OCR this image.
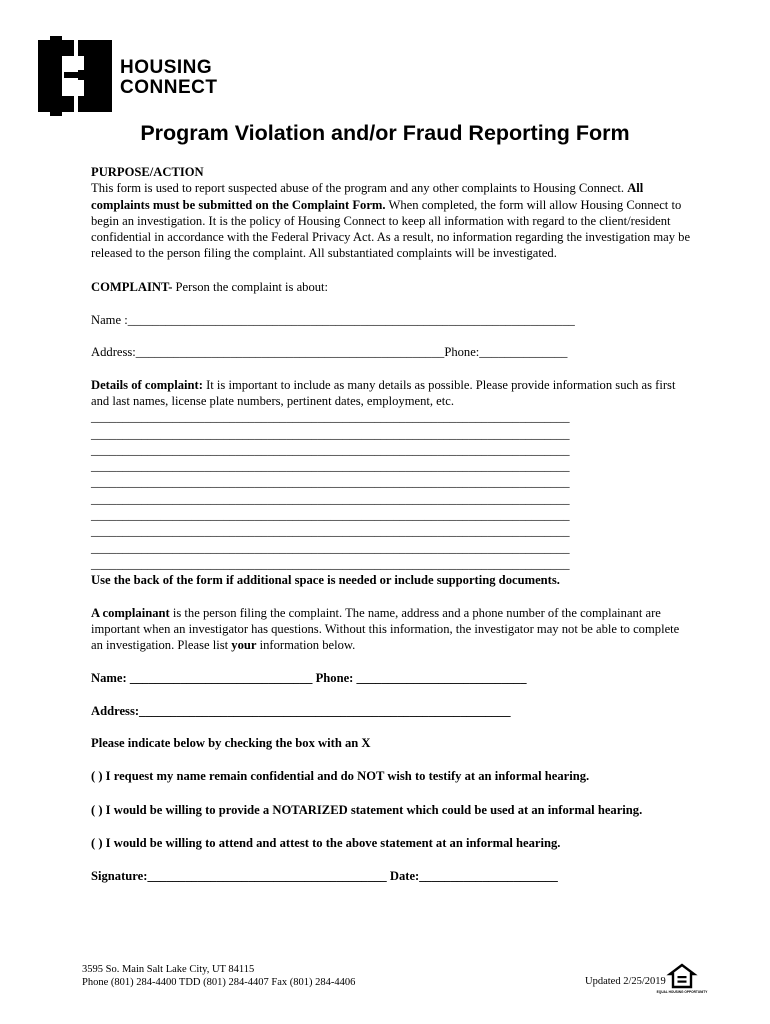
HOUSING
CONNECT
Program Violation and/or Fraud Reporting Form

PURPOSE/ACTION

This form is used to report suspected abuse of the program and any other complaints to Housing Connect. All complaints must be submitted on the Complaint Form. When completed, the form will allow Housing Connect to begin an investigation. It is the policy of Housing Connect to keep all information with regard to the client/resident confidential in accordance with the Federal Privacy Act. As a result, no information regarding the investigation may be released to the person filing the complaint. All substantiated complaints will be investigated.

COMPLAINT- Person the complaint is about:

Name :_______________________________________________________________________

Address:_________________________________________________Phone:______________

Details of complaint: It is important to include as many details as possible. Please provide information such as first and last names, license plate numbers, pertinent dates, employment, etc.

____________________________________________________________________________
____________________________________________________________________________
____________________________________________________________________________
____________________________________________________________________________
____________________________________________________________________________
____________________________________________________________________________
____________________________________________________________________________
____________________________________________________________________________
____________________________________________________________________________
____________________________________________________________________________

Use the back of the form if additional space is needed or include supporting documents.

A complainant is the person filing the complaint. The name, address and a phone number of the complainant are important when an investigator has questions. Without this information, the investigator may not be able to complete an investigation. Please list your information below.

Name: _____________________________ Phone: ___________________________

Address:___________________________________________________________

Please indicate below by checking the box with an X

( ) I request my name remain confidential and do NOT wish to testify at an informal hearing.

( ) I would be willing to provide a NOTARIZED statement which could be used at an informal hearing.

( ) I would be willing to attend and attest to the above statement at an informal hearing.

Signature:______________________________________ Date:______________________

3595 So. Main Salt Lake City, UT 84115
Phone (801) 284-4400 TDD (801) 284-4407 Fax (801) 284-4406	Updated 2/25/2019
EQUAL HOUSING OPPORTUNITY
